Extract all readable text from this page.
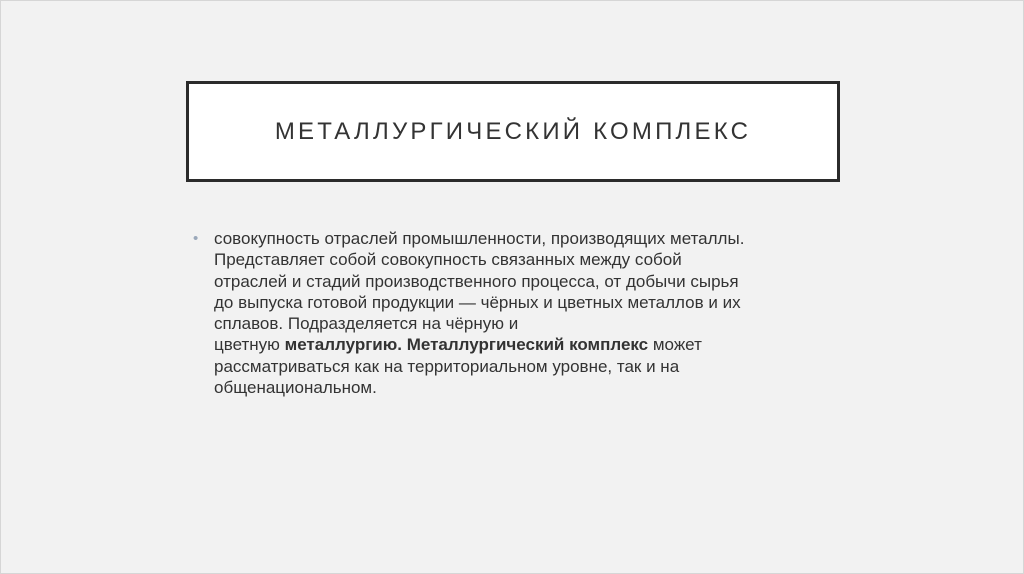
МЕТАЛЛУРГИЧЕСКИЙ КОМПЛЕКС
• совокупность отраслей промышленности, производящих металлы.
Представляет собой совокупность связанных между собой
отраслей и стадий производственного процесса, от добычи сырья
до выпуска готовой продукции — чёрных и цветных металлов и их
сплавов. Подразделяется на чёрную и
цветную металлургию. Металлургический комплекс может
рассматриваться как на территориальном уровне, так и на
общенациональном.
